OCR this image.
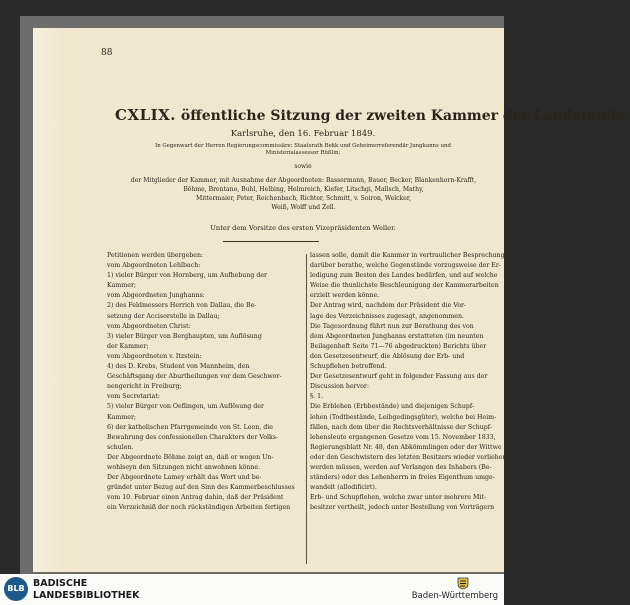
88
CXLIX. öffentliche Sitzung der zweiten Kammer der Landstände.
Karlsruhe, den 16. Februar 1849.
In Gegenwart der Herren Regierungscommissäre: Staatsrath Bekk und Geheimerreferendär Jungkanns und
Ministerialassessor Rüßlin;
sowie
der Mitglieder der Kammer, mit Ausnahme der Abgeordneten: Bassermann, Bauer, Becker, Blankenhorn-Krafft,
Böhme, Brentano, Buhl, Helbing, Helmreich, Kiefer, Litschgi, Mallsch, Mathy,
Mittermaier, Peter, Reichenbach, Richter, Schmitt, v. Soiron, Welcker,
Weiß, Wolff und Zell.
Unter dem Vorsitze des ersten Vizepräsidenten Weller.
Petitionen werden übergeben:
vom Abgeordneten Lehlbach:
1) vieler Bürger von Hornberg, um Aufhebung der
Kammer;
vom Abgeordneten Junghanns:
2) des Feldmessers Herrich von Dallau, die Be-
setzung der Accisorstelle in Dallau;
vom Abgeordneten Christ:
3) vieler Bürger von Berghaupten, um Auflösung
der Kammer;
vom Abgeordneten v. Itzstein:
4) des D. Krebs, Student von Mannheim, den
Geschäftsgang der Aburtheilungen vor dem Geschwor-
nengericht in Freiburg;
vom Secretariat:
5) vieler Bürger von Oeflingen, um Auflösung der
Kammer;
6) der katholischen Pfarrgemeinde von St. Leon, die
Bewahrung des confessionellen Charakters der Volks-
schulen.
Der Abgeordnete Böhme zeigt an, daß er wegen Un-
wohlseyn den Sitzungen nicht anwohnen könne.
Der Abgeordnete Lamey erhält das Wort und be-
gründet unter Bezug auf den Sinn des Kammerbeschlusses
vom 10. Februar einen Antrag dahin, daß der Präsident
ein Verzeichniß der noch rückständigen Arbeiten fertigen
lassen solle, damit die Kammer in vertraulicher Besprechung
darüber berathe, welche Gegenstände vorzugsweise der Er-
ledigung zum Besten des Landes bedürfen, und auf welche
Weise die thunlichste Beschleunigung der Kammerarbeiten
erzielt werden könne.
Der Antrag wird, nachdem der Präsident die Vor-
lage des Verzeichnisses zugesagt, angenommen.
Die Tagesordnung führt nun zur Berathung des von
dem Abgeordneten Junghanns erstatteten (im neunten
Beilagenheft Seite 71—76 abgedruckten) Berichts über
den Gesetzesentwurf, die Ablösung der Erb- und
Schupflehen betreffend.
Der Gesetzesentwurf geht in folgender Fassung aus der
Discussion hervor:
§. 1.
Die Erblehen (Erbbestände) und diejenigen Schupf-
lehen (Todtbestände, Leibgedingsgüter), welche bei Heim-
fällen, nach dem über die Rechtsverhältnisse der Schupf-
lehensleute ergangenen Gesetze vom 15. November 1833,
Regierungsblatt Nr. 48, den Abkömmlingen oder der Wittwe
oder den Geschwistern des letzten Besitzers wieder verliehen
werden müssen, werden auf Verlangen des Inhabers (Be-
ständers) oder des Lehenherrn in freies Eigenthum umge-
wandelt (allodificirt).
Erb- und Schupflehen, welche zwar unter mehrere Mit-
besitzer vertheilt, jedoch unter Bestellung von Vorträgern
BLB BADISCHE
LANDESBIBLIOTHEK	Baden-Württemberg
